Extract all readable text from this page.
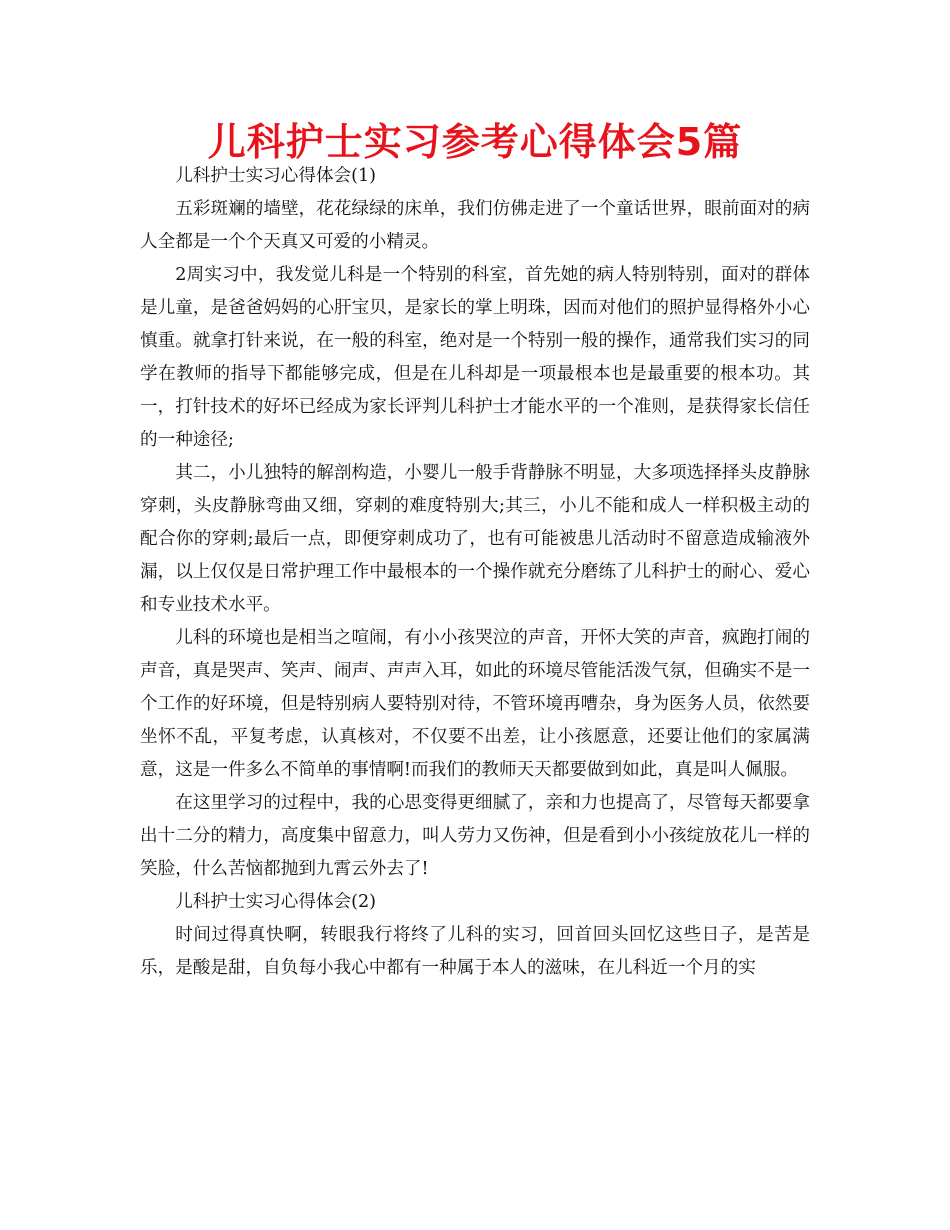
儿科护士实习参考心得体会5篇

儿科护士实习心得体会(1)

五彩斑斓的墙壁，花花绿绿的床单，我们仿佛走进了一个童话世界，眼前面对的病人全都是一个个天真又可爱的小精灵。

2周实习中，我发觉儿科是一个特别的科室，首先她的病人特别特别，面对的群体是儿童，是爸爸妈妈的心肝宝贝，是家长的掌上明珠，因而对他们的照护显得格外小心慎重。就拿打针来说，在一般的科室，绝对是一个特别一般的操作，通常我们实习的同学在教师的指导下都能够完成，但是在儿科却是一项最根本也是最重要的根本功。其一，打针技术的好坏已经成为家长评判儿科护士才能水平的一个准则，是获得家长信任的一种途径;

其二，小儿独特的解剖构造，小婴儿一般手背静脉不明显，大多项选择择头皮静脉穿刺，头皮静脉弯曲又细，穿刺的难度特别大;其三，小儿不能和成人一样积极主动的配合你的穿刺;最后一点，即便穿刺成功了，也有可能被患儿活动时不留意造成输液外漏，以上仅仅是日常护理工作中最根本的一个操作就充分磨练了儿科护士的耐心、爱心和专业技术水平。

儿科的环境也是相当之喧闹，有小小孩哭泣的声音，开怀大笑的声音，疯跑打闹的声音，真是哭声、笑声、闹声、声声入耳，如此的环境尽管能活泼气氛，但确实不是一个工作的好环境，但是特别病人要特别对待，不管环境再嘈杂，身为医务人员，依然要坐怀不乱，平复考虑，认真核对，不仅要不出差，让小孩愿意，还要让他们的家属满意，这是一件多么不简单的事情啊!而我们的教师天天都要做到如此，真是叫人佩服。

在这里学习的过程中，我的心思变得更细腻了，亲和力也提高了，尽管每天都要拿出十二分的精力，高度集中留意力，叫人劳力又伤神，但是看到小小孩绽放花儿一样的笑脸，什么苦恼都抛到九霄云外去了!

儿科护士实习心得体会(2)

时间过得真快啊，转眼我行将终了儿科的实习，回首回头回忆这些日子，是苦是乐，是酸是甜，自负每小我心中都有一种属于本人的滋味，在儿科近一个月的实
